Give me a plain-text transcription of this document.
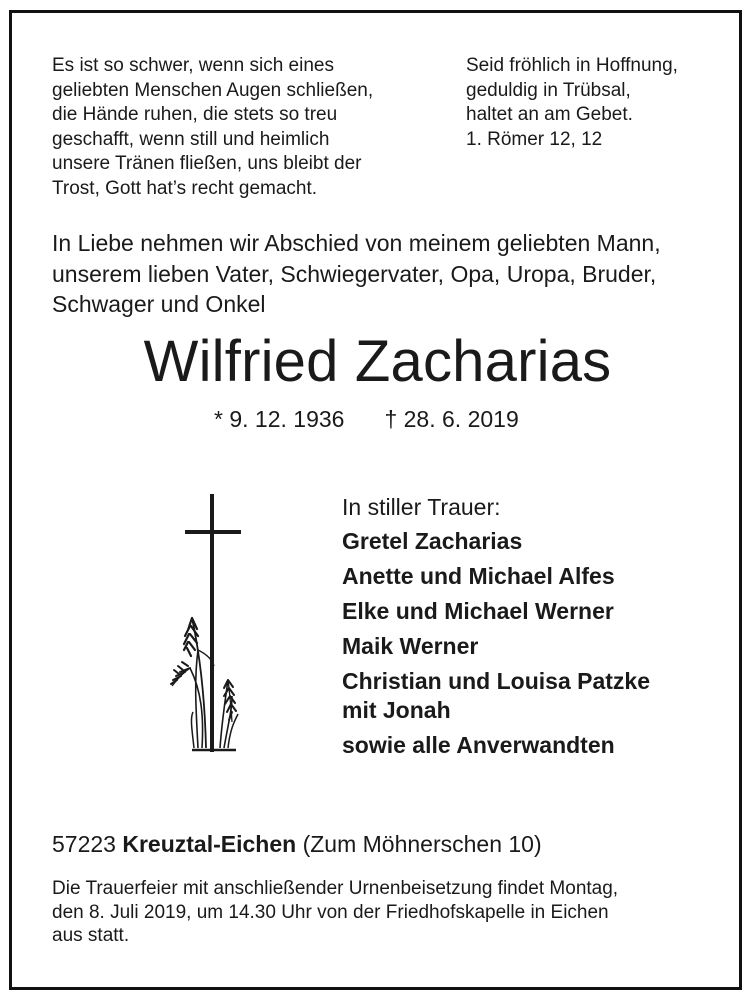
Es ist so schwer, wenn sich eines
geliebten Menschen Augen schließen,
die Hände ruhen, die stets so treu
geschafft, wenn still und heimlich
unsere Tränen fließen, uns bleibt der
Trost, Gott hat’s recht gemacht.
Seid fröhlich in Hoffnung,
geduldig in Trübsal,
haltet an am Gebet.
1. Römer 12, 12
In Liebe nehmen wir Abschied von meinem geliebten Mann,
unserem lieben Vater, Schwiegervater, Opa, Uropa, Bruder,
Schwager und Onkel
Wilfried Zacharias
* 9. 12. 1936 † 28. 6. 2019
In stiller Trauer:
Gretel Zacharias
Anette und Michael Alfes
Elke und Michael Werner
Maik Werner
Christian und Louisa Patzke
mit Jonah
sowie alle Anverwandten
57223 Kreuztal-Eichen (Zum Möhnerschen 10)
Die Trauerfeier mit anschließender Urnenbeisetzung findet Montag,
den 8. Juli 2019, um 14.30 Uhr von der Friedhofskapelle in Eichen
aus statt.
